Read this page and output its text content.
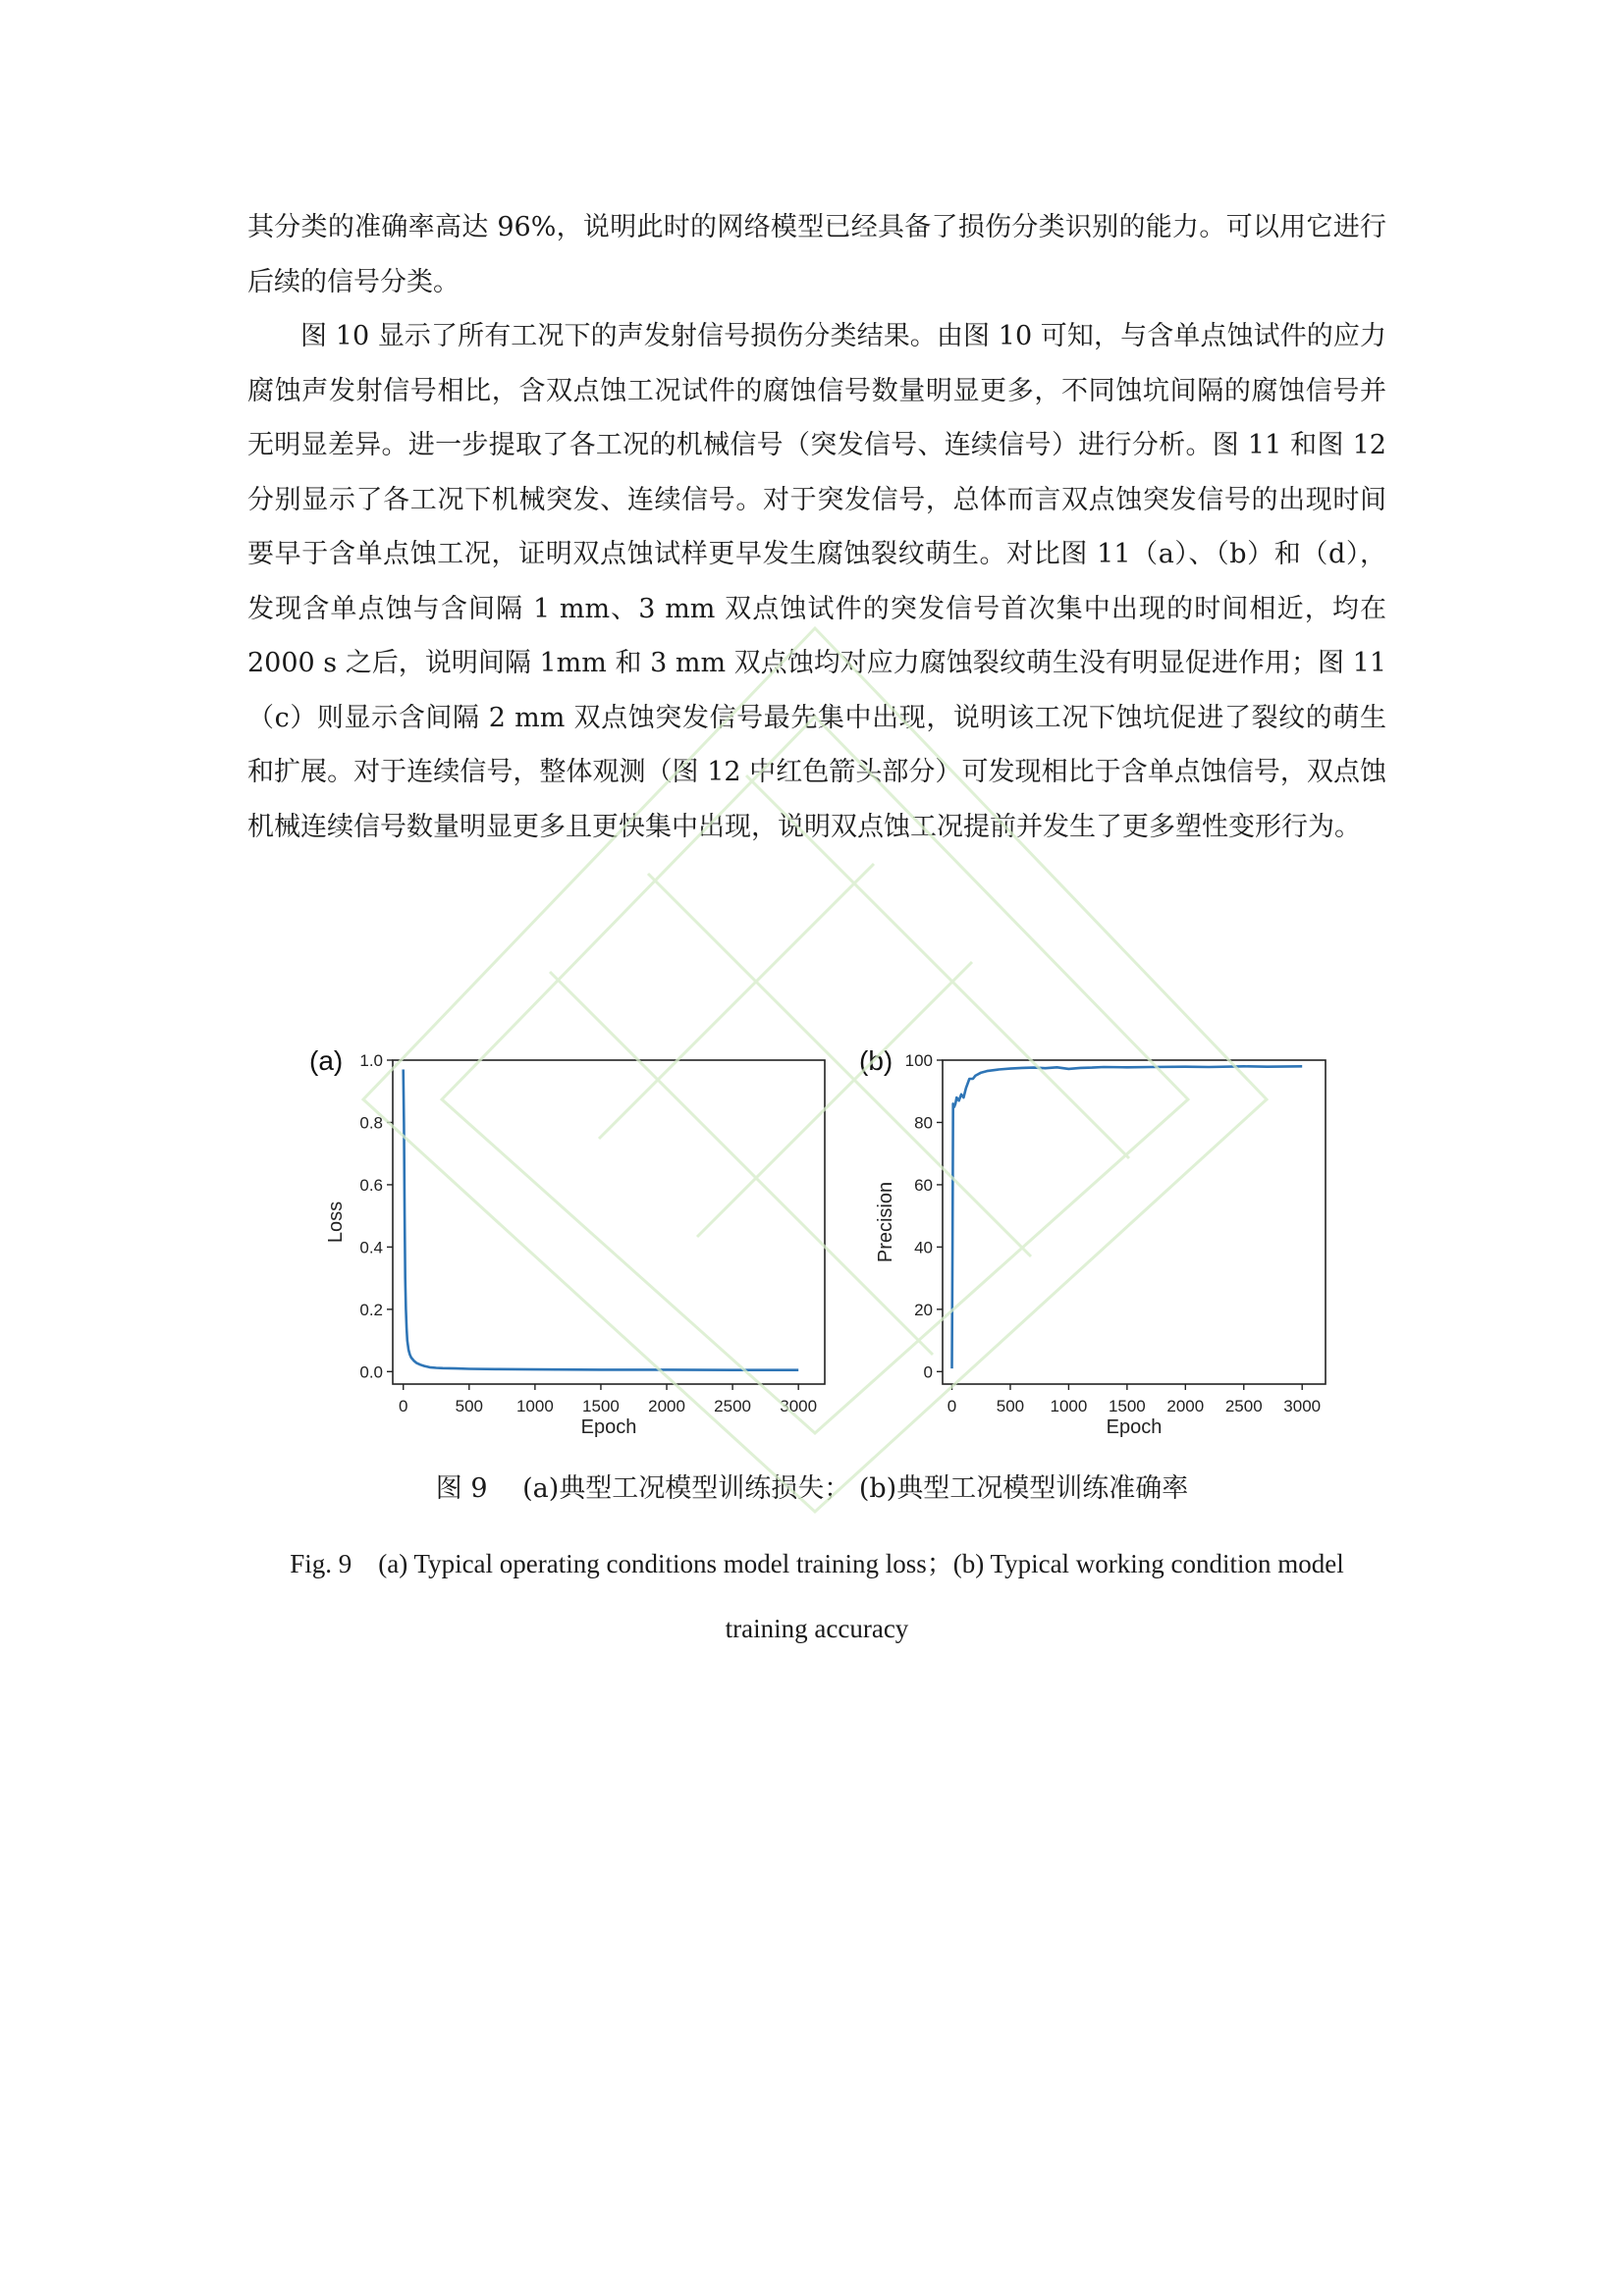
其分类的准确率高达 96%，说明此时的网络模型已经具备了损伤分类识别的能力。可以用它进行后续的信号分类。

图 10 显示了所有工况下的声发射信号损伤分类结果。由图 10 可知，与含单点蚀试件的应力腐蚀声发射信号相比，含双点蚀工况试件的腐蚀信号数量明显更多，不同蚀坑间隔的腐蚀信号并无明显差异。进一步提取了各工况的机械信号（突发信号、连续信号）进行分析。图 11 和图 12 分别显示了各工况下机械突发、连续信号。对于突发信号，总体而言双点蚀突发信号的出现时间要早于含单点蚀工况，证明双点蚀试样更早发生腐蚀裂纹萌生。对比图 11（a）、（b）和（d），发现含单点蚀与含间隔 1 mm、3 mm 双点蚀试件的突发信号首次集中出现的时间相近，均在 2000 s 之后，说明间隔 1mm 和 3 mm 双点蚀均对应力腐蚀裂纹萌生没有明显促进作用；图 11（c）则显示含间隔 2 mm 双点蚀突发信号最先集中出现，说明该工况下蚀坑促进了裂纹的萌生和扩展。对于连续信号，整体观测（图 12 中红色箭头部分）可发现相比于含单点蚀信号，双点蚀机械连续信号数量明显更多且更快集中出现，说明双点蚀工况提前并发生了更多塑性变形行为。

0	500 1000 1500 2000 2500 3000
0.0
0.2
0.4
0.6
0.8
1.0
Epoch
Loss
(a)
0 500 1000 1500 2000 2500 3000
0
20
40
60
80
100
Epoch
Precision
(b)
图 9　 (a)典型工况模型训练损失； (b)典型工况模型训练准确率
Fig. 9　(a) Typical operating conditions model training loss；(b) Typical working condition model training accuracy
